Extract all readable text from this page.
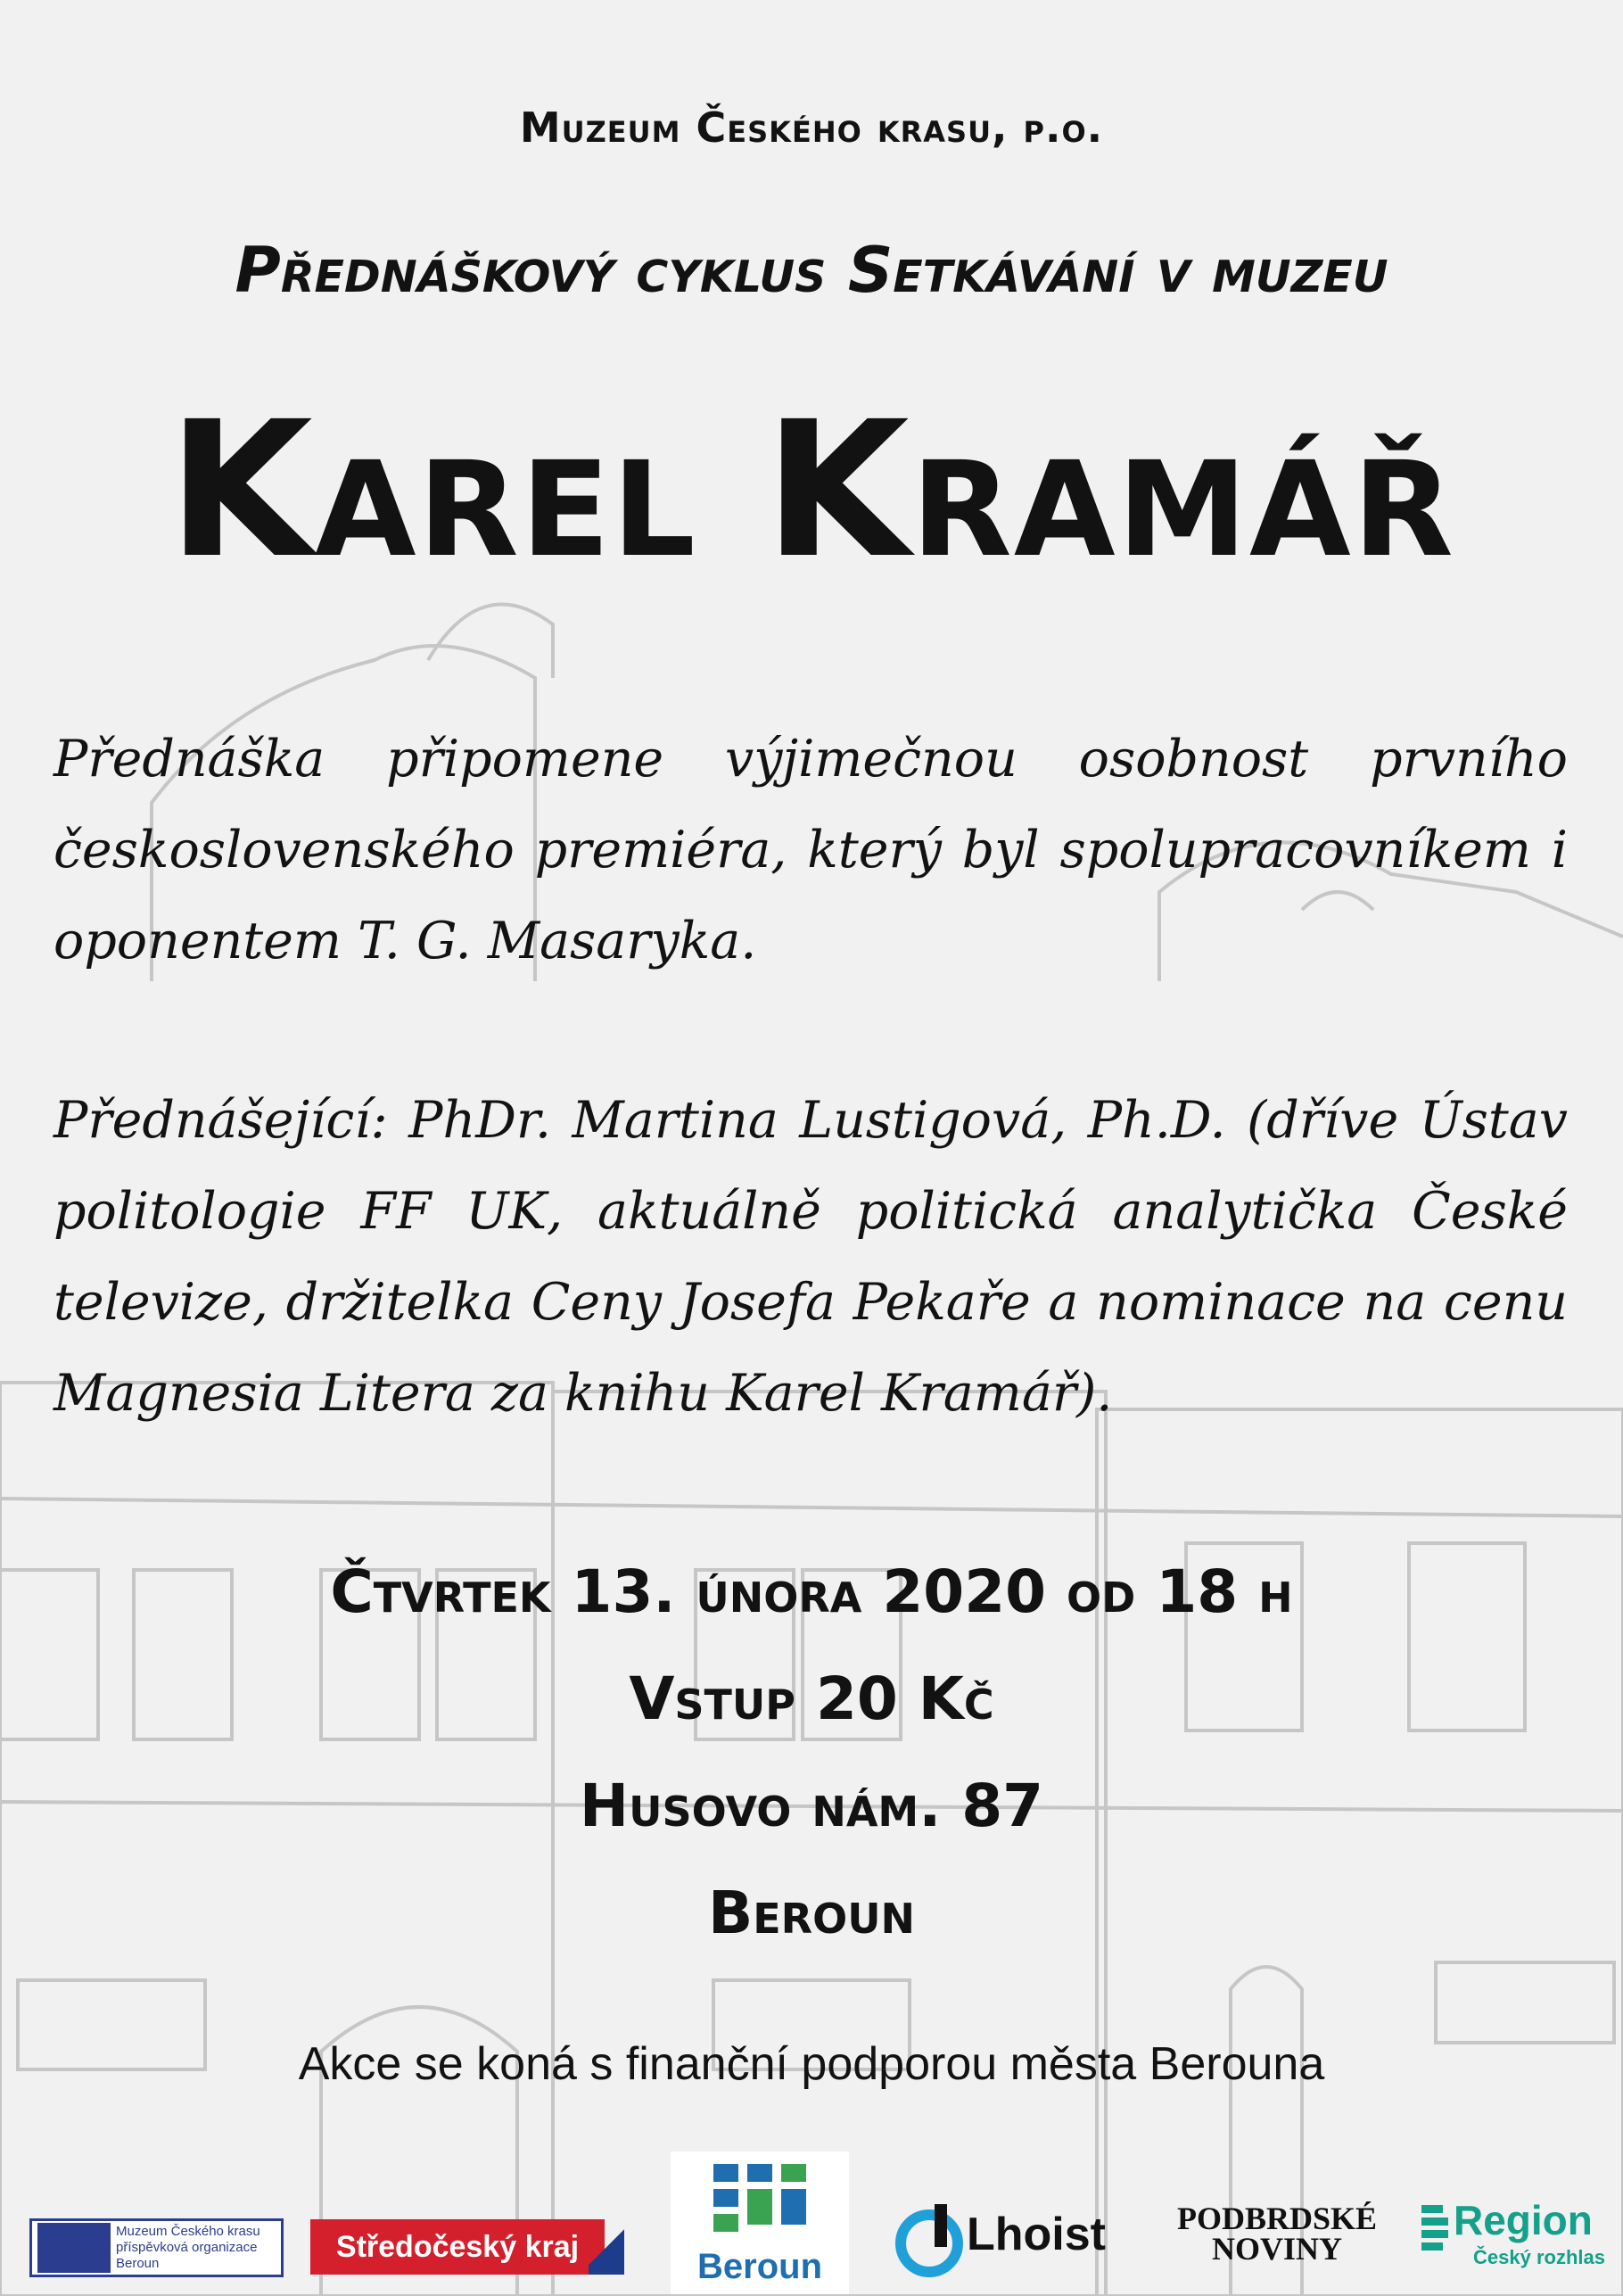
Muzeum Českého krasu, p.o.
Přednáškový cyklus Setkávání v muzeu
Karel Kramář
Přednáška připomene výjimečnou osobnost prvního československého premiéra, který byl spolupracovníkem i oponentem T. G. Masaryka.
Přednášející: PhDr. Martina Lustigová, Ph.D. (dříve Ústav politologie FF UK, aktuálně politická analytička České televize, držitelka Ceny Josefa Pekaře a nominace na cenu Magnesia Litera za knihu Karel Kramář).
Čtvrtek 13. února 2020 od 18 h
Vstup 20 Kč
Husovo nám. 87
Beroun
Akce se koná s finanční podporou města Berouna
Muzeum Českého krasu
příspěvková organizace
Beroun	Středočeský kraj
Beroun
Lhoist	PODBRDSKÉ
NOVINY
Region
Český rozhlas
